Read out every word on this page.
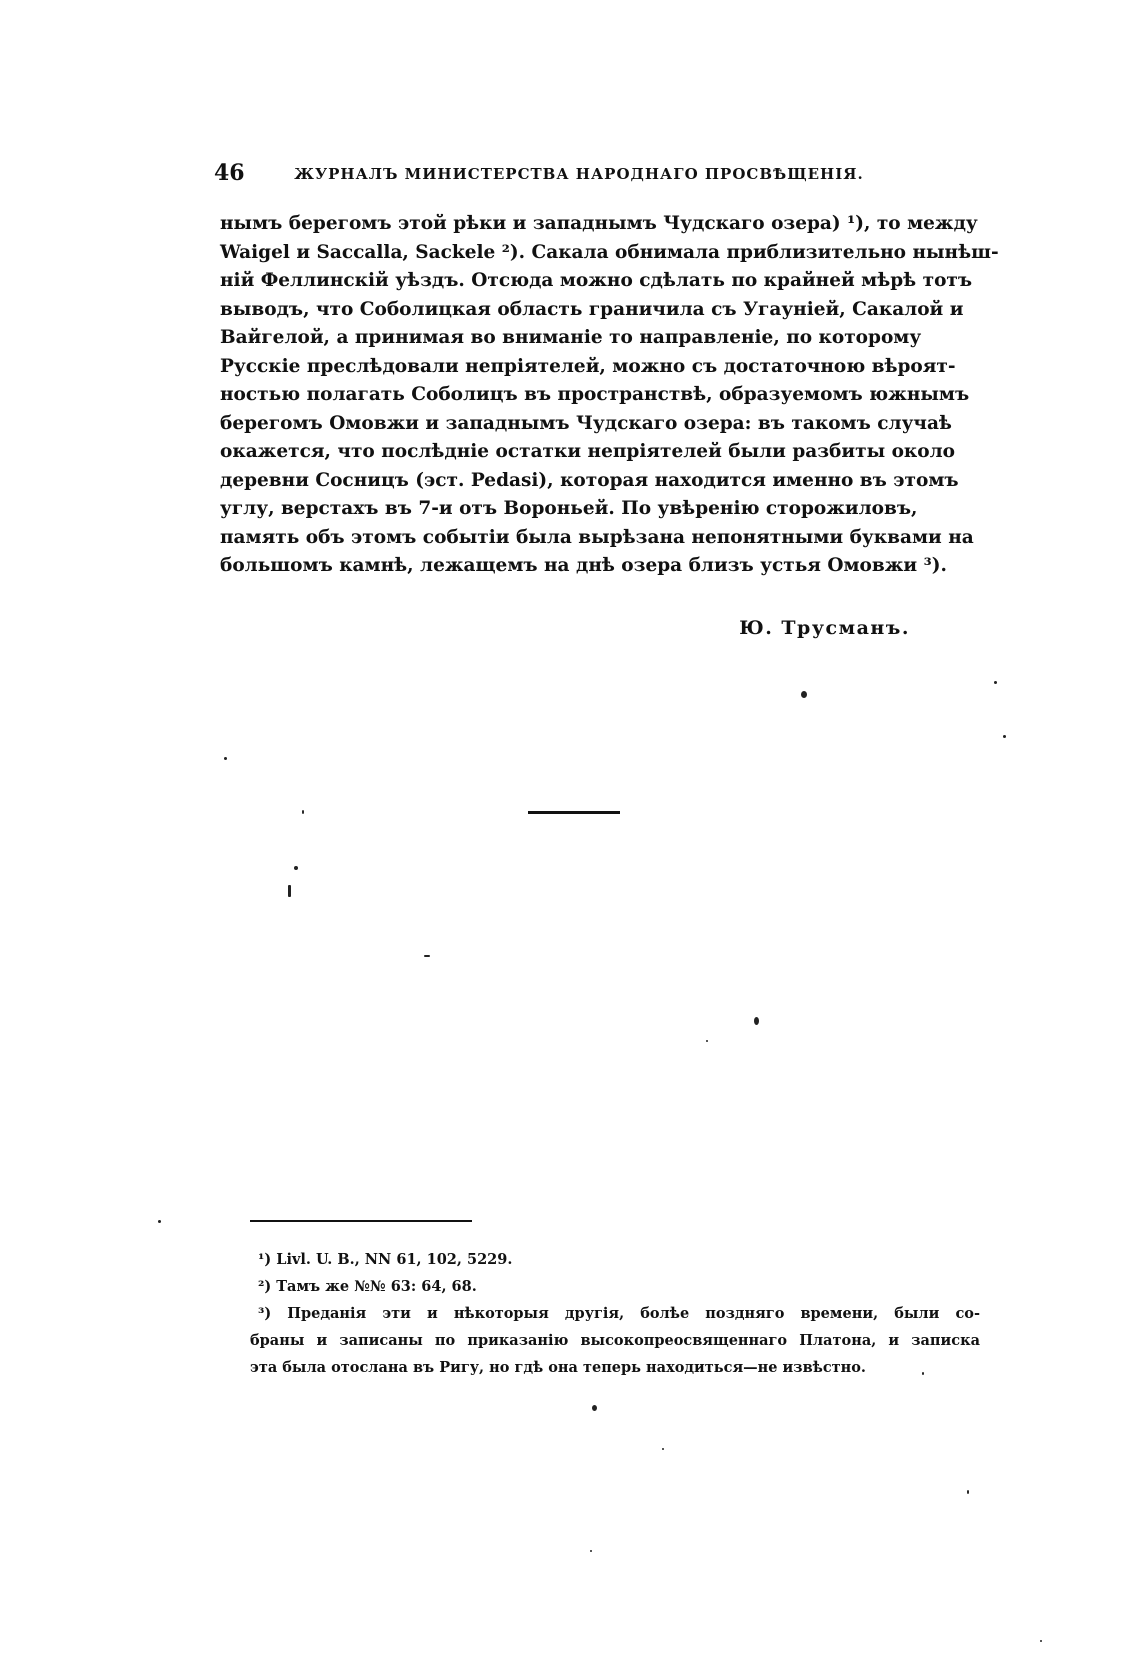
46	ЖУРНАЛЪ МИНИСТЕРСТВА НАРОДНАГО ПРОСВѢЩЕНІЯ.
нымъ берегомъ этой рѣки и западнымъ Чудскаго озера) ¹), то между
Waigel и Saccalla, Sackele ²). Сакала обнимала приблизительно нынѣш-
ній Феллинскій уѣздъ. Отсюда можно сдѣлать по крайней мѣрѣ тотъ
выводъ, что Соболицкая область граничила съ Угауніей, Сакалой и
Вайгелой, а принимая во вниманіе то направленіе, по которому
Русскіе преслѣдовали непріятелей, можно съ достаточною вѣроят-
ностью полагать Соболицъ въ пространствѣ, образуемомъ южнымъ
берегомъ Омовжи и западнымъ Чудскаго озера: въ такомъ случаѣ
окажется, что послѣдніе остатки непріятелей были разбиты около
деревни Сосницъ (эст. Pedasi), которая находится именно въ этомъ
углу, верстахъ въ 7-и отъ Вороньей. По увѣренію сторожиловъ,
память объ этомъ событіи была вырѣзана непонятными буквами на
большомъ камнѣ, лежащемъ на днѣ озера близъ устья Омовжи ³).
Ю. Трусманъ.
¹) Livl. U. B., NN 61, 102, 5229.
²) Тамъ же №№ 63: 64, 68.
³) Преданія эти и нѣкоторыя другія, болѣе поздняго времени, были со-
браны и записаны по приказанію высокопреосвященнаго Платона, и записка
эта была отослана въ Ригу, но гдѣ она теперь находиться—не извѣстно.
